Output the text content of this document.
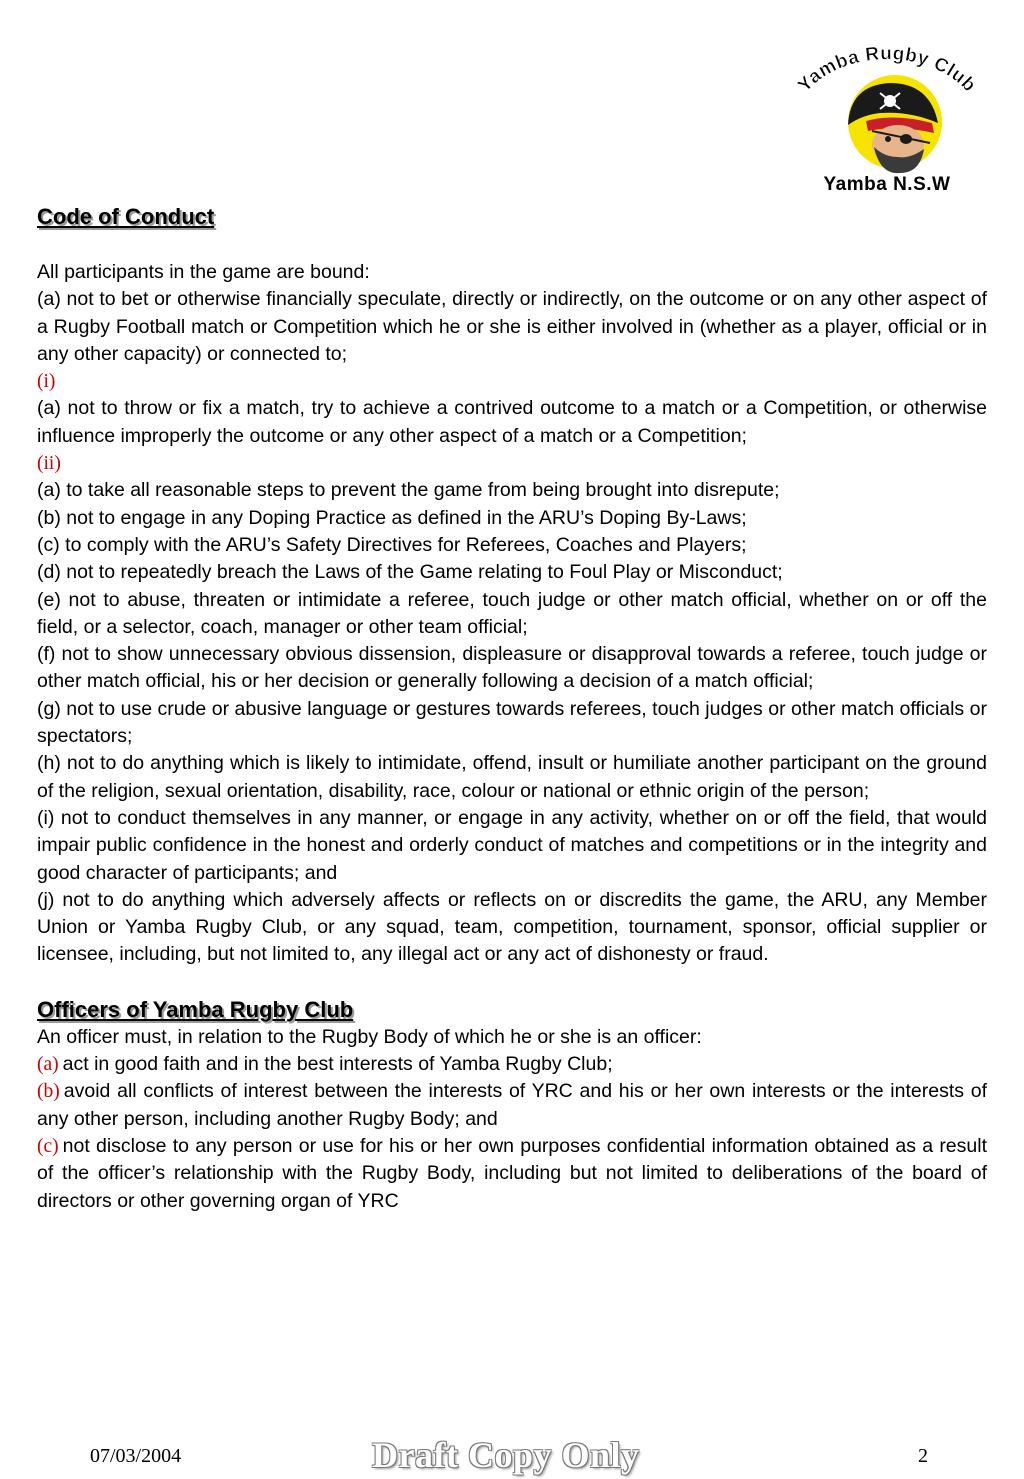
Yamba Rugby Club
Yamba N.S.W
Code of Conduct

All participants in the game are bound:

(a) not to bet or otherwise financially speculate, directly or indirectly, on the outcome or on any other aspect of a Rugby Football match or Competition which he or she is either involved in (whether as a player, official or in any other capacity) or connected to;

(i)

(a) not to throw or fix a match, try to achieve a contrived outcome to a match or a Competition, or otherwise influence improperly the outcome or any other aspect of a match or a Competition;

(ii)

(a) to take all reasonable steps to prevent the game from being brought into disrepute;

(b) not to engage in any Doping Practice as defined in the ARU’s Doping By-Laws;

(c) to comply with the ARU’s Safety Directives for Referees, Coaches and Players;

(d) not to repeatedly breach the Laws of the Game relating to Foul Play or Misconduct;

(e) not to abuse, threaten or intimidate a referee, touch judge or other match official, whether on or off the field, or a selector, coach, manager or other team official;

(f) not to show unnecessary obvious dissension, displeasure or disapproval towards a referee, touch judge or other match official, his or her decision or generally following a decision of a match official;

(g) not to use crude or abusive language or gestures towards referees, touch judges or other match officials or spectators;

(h) not to do anything which is likely to intimidate, offend, insult or humiliate another participant on the ground of the religion, sexual orientation, disability, race, colour or national or ethnic origin of the person;

(i) not to conduct themselves in any manner, or engage in any activity, whether on or off the field, that would impair public confidence in the honest and orderly conduct of matches and competitions or in the integrity and good character of participants; and

(j) not to do anything which adversely affects or reflects on or discredits the game, the ARU, any Member Union or Yamba Rugby Club, or any squad, team, competition, tournament, sponsor, official supplier or licensee, including, but not limited to, any illegal act or any act of dishonesty or fraud.

Officers of Yamba Rugby Club

An officer must, in relation to the Rugby Body of which he or she is an officer:

(a) act in good faith and in the best interests of Yamba Rugby Club;

(b) avoid all conflicts of interest between the interests of YRC and his or her own interests or the interests of any other person, including another Rugby Body; and

(c) not disclose to any person or use for his or her own purposes confidential information obtained as a result of the officer’s relationship with the Rugby Body, including but not limited to deliberations of the board of directors or other governing organ of YRC

07/03/2004	Draft Copy Only	2
